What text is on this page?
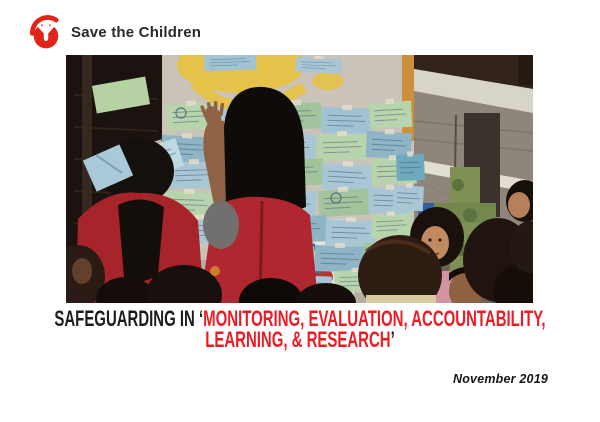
Save the Children
SAFEGUARDING IN ‘MONITORING, EVALUATION, ACCOUNTABILITY,
LEARNING, & RESEARCH’
November 2019
